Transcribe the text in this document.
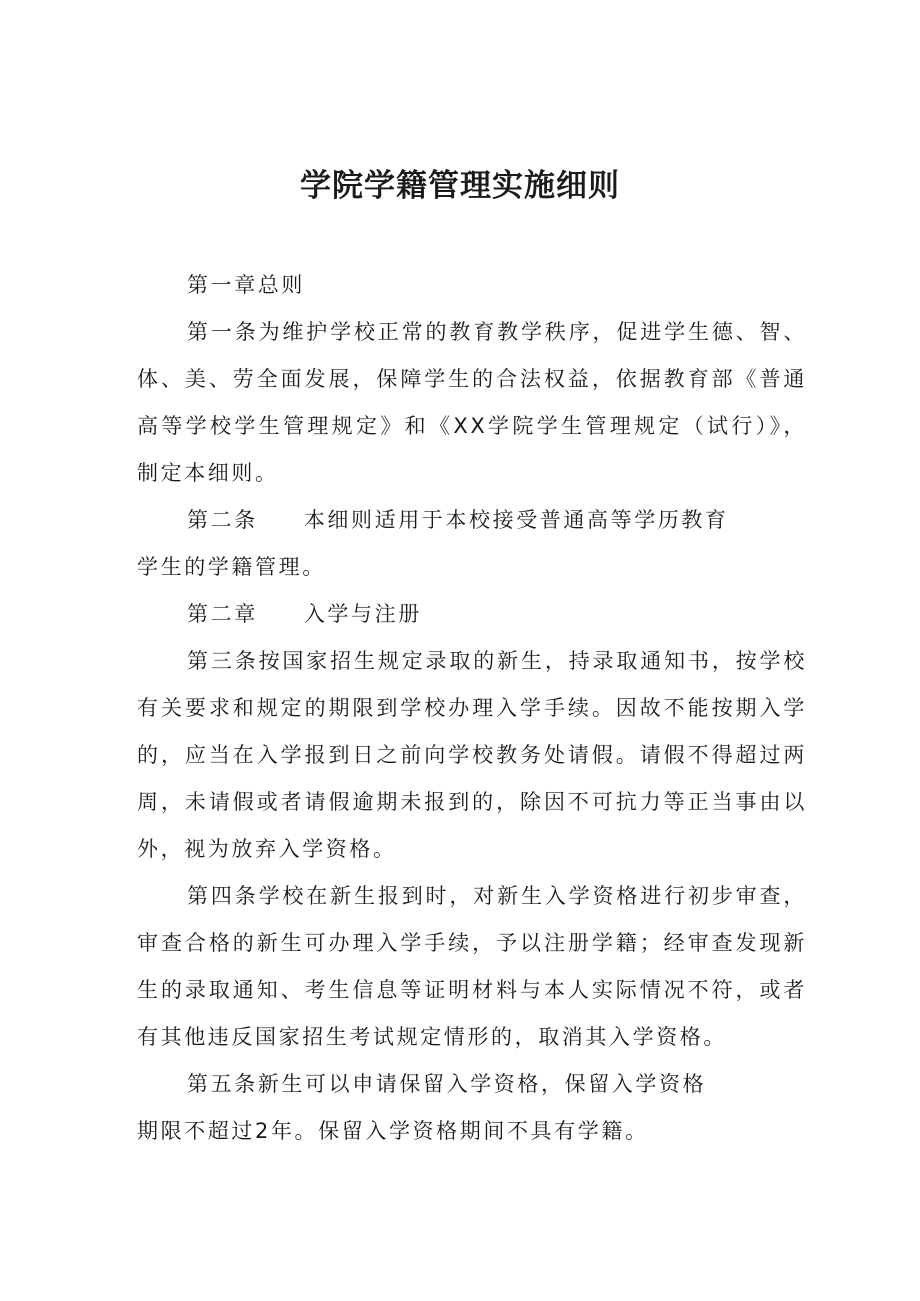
学院学籍管理实施细则

第一章总则

第一条为维护学校正常的教育教学秩序，促进学生德、智、体、美、劳全面发展，保障学生的合法权益，依据教育部《普通高等学校学生管理规定》和《XX学院学生管理规定（试行）》，制定本细则。

第二条 本细则适用于本校接受普通高等学历教育

学生的学籍管理。

第二章 入学与注册

第三条按国家招生规定录取的新生，持录取通知书，按学校有关要求和规定的期限到学校办理入学手续。因故不能按期入学的，应当在入学报到日之前向学校教务处请假。请假不得超过两周，未请假或者请假逾期未报到的，除因不可抗力等正当事由以外，视为放弃入学资格。

第四条学校在新生报到时，对新生入学资格进行初步审查，审查合格的新生可办理入学手续，予以注册学籍；经审查发现新生的录取通知、考生信息等证明材料与本人实际情况不符，或者有其他违反国家招生考试规定情形的，取消其入学资格。

第五条新生可以申请保留入学资格，保留入学资格

期限不超过2年。保留入学资格期间不具有学籍。
